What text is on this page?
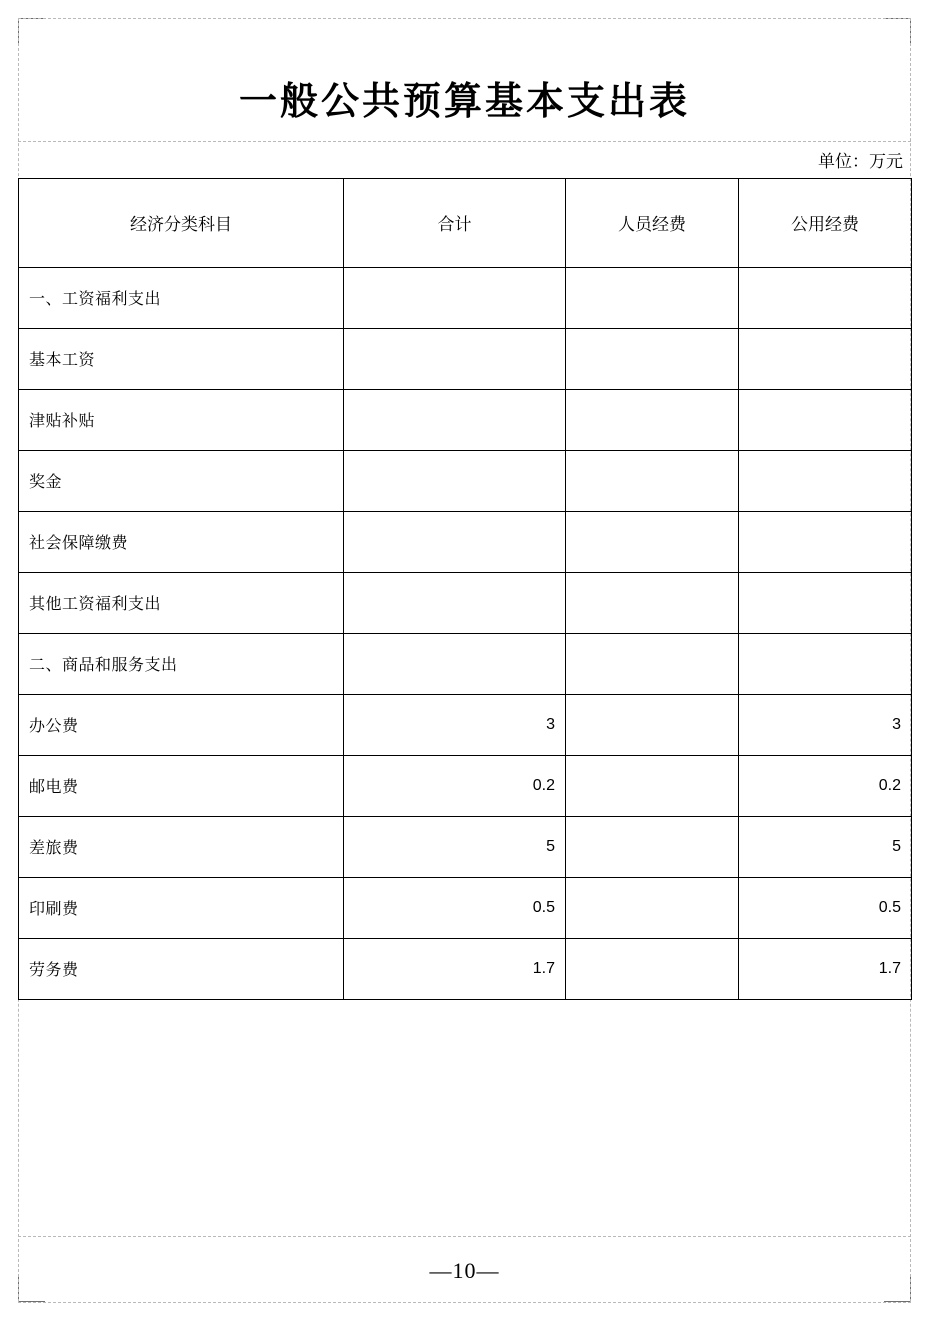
一般公共预算基本支出表
单位：万元
经济分类科目	合计	人员经费	公用经费
一、工资福利支出			
基本工资			
津贴补贴			
奖金			
社会保障缴费			
其他工资福利支出			
二、商品和服务支出			
办公费	3		3
邮电费	0.2		0.2
差旅费	5		5
印刷费	0.5		0.5
劳务费	1.7		1.7
—10—
